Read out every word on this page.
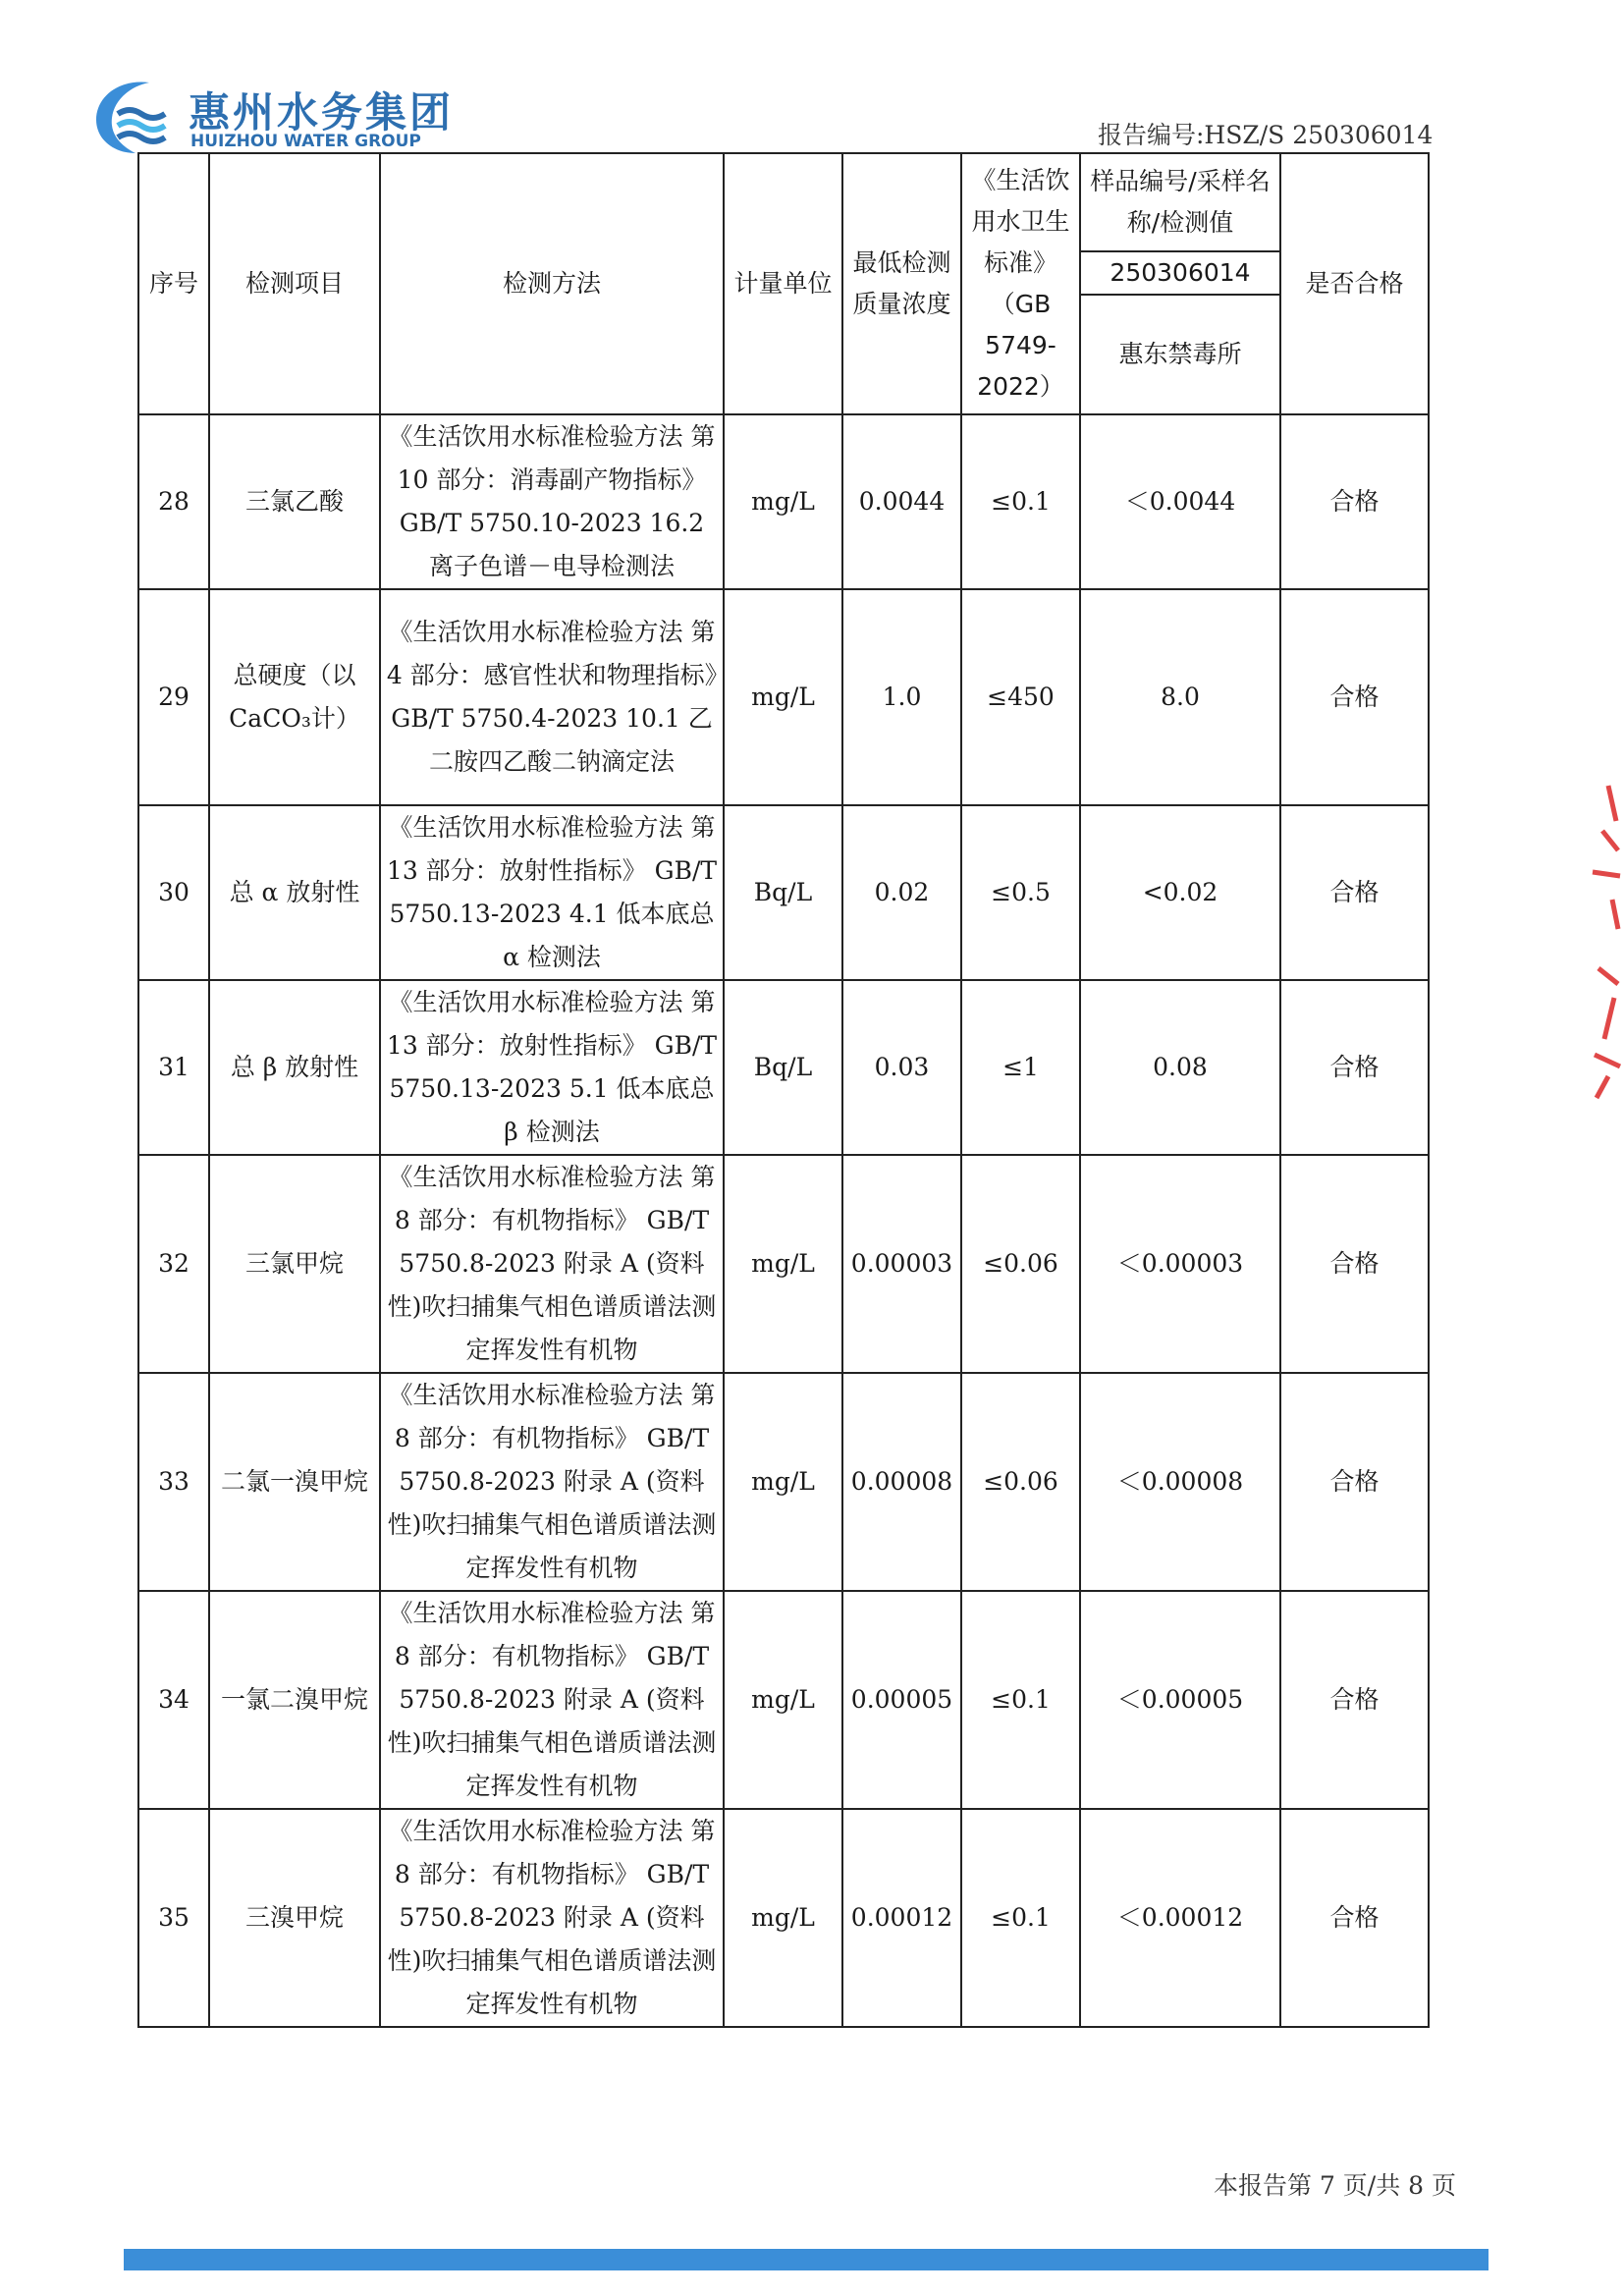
惠州水务集团
HUIZHOU WATER GROUP	报告编号:HSZ/S 250306014
序号	检测项目	检测方法	计量单位	最低检测质量浓度	《生活饮用水卫生标准》（GB 5749-2022）	样品编号/采样名称/检测值	是否合格
						250306014	
						惠东禁毒所	
28	三氯乙酸	《生活饮用水标准检验方法 第 10 部分：消毒副产物指标》GB/T 5750.10-2023 16.2 离子色谱－电导检测法	mg/L	0.0044	≤0.1	＜0.0044	合格
29	总硬度（以CaCO₃计）	《生活饮用水标准检验方法 第 4 部分：感官性状和物理指标》GB/T 5750.4-2023 10.1 乙二胺四乙酸二钠滴定法	mg/L	1.0	≤450	8.0	合格
30	总 α 放射性	《生活饮用水标准检验方法 第 13 部分：放射性指标》 GB/T 5750.13-2023 4.1 低本底总 α 检测法	Bq/L	0.02	≤0.5	<0.02	合格
31	总 β 放射性	《生活饮用水标准检验方法 第 13 部分：放射性指标》 GB/T 5750.13-2023 5.1 低本底总 β 检测法	Bq/L	0.03	≤1	0.08	合格
32	三氯甲烷	《生活饮用水标准检验方法 第 8 部分：有机物指标》 GB/T 5750.8-2023 附录 A (资料性)吹扫捕集气相色谱质谱法测定挥发性有机物	mg/L	0.00003	≤0.06	＜0.00003	合格
33	二氯一溴甲烷	《生活饮用水标准检验方法 第 8 部分：有机物指标》 GB/T 5750.8-2023 附录 A (资料性)吹扫捕集气相色谱质谱法测定挥发性有机物	mg/L	0.00008	≤0.06	＜0.00008	合格
34	一氯二溴甲烷	《生活饮用水标准检验方法 第 8 部分：有机物指标》 GB/T 5750.8-2023 附录 A (资料性)吹扫捕集气相色谱质谱法测定挥发性有机物	mg/L	0.00005	≤0.1	＜0.00005	合格
35	三溴甲烷	《生活饮用水标准检验方法 第 8 部分：有机物指标》 GB/T 5750.8-2023 附录 A (资料性)吹扫捕集气相色谱质谱法测定挥发性有机物	mg/L	0.00012	≤0.1	＜0.00012	合格
本报告第 7 页/共 8 页
